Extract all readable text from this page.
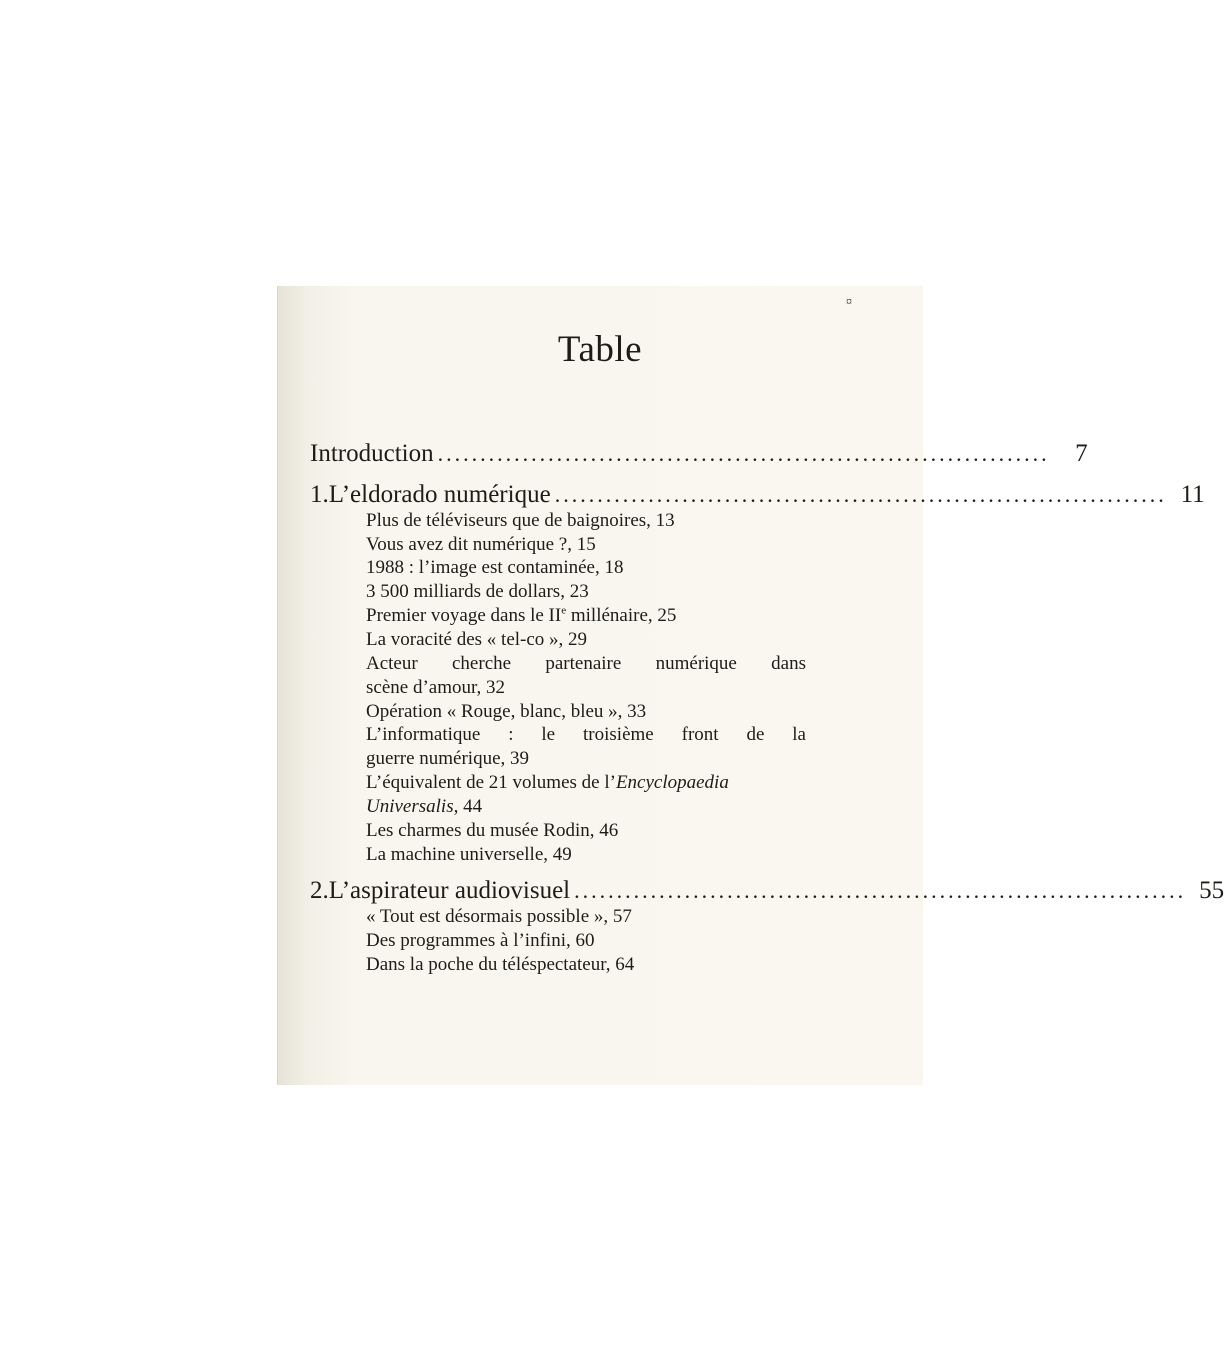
¤
Table
Introduction ........................................................................	7
1. L’eldorado numérique ........................................................................ 11
Plus de téléviseurs que de baignoires, 13
Vous avez dit numérique ?, 15
1988 : l’image est contaminée, 18
3 500 milliards de dollars, 23
Premier voyage dans le IIe millénaire, 25
La voracité des « tel-co », 29
Acteur cherche partenaire numérique dans
scène d’amour, 32
Opération « Rouge, blanc, bleu », 33
L’informatique : le troisième front de la
guerre numérique, 39
L’équivalent de 21 volumes de l’Encyclopaedia
Universalis, 44
Les charmes du musée Rodin, 46
La machine universelle, 49
2. L’aspirateur audiovisuel ........................................................................ 55
« Tout est désormais possible », 57
Des programmes à l’infini, 60
Dans la poche du téléspectateur, 64
